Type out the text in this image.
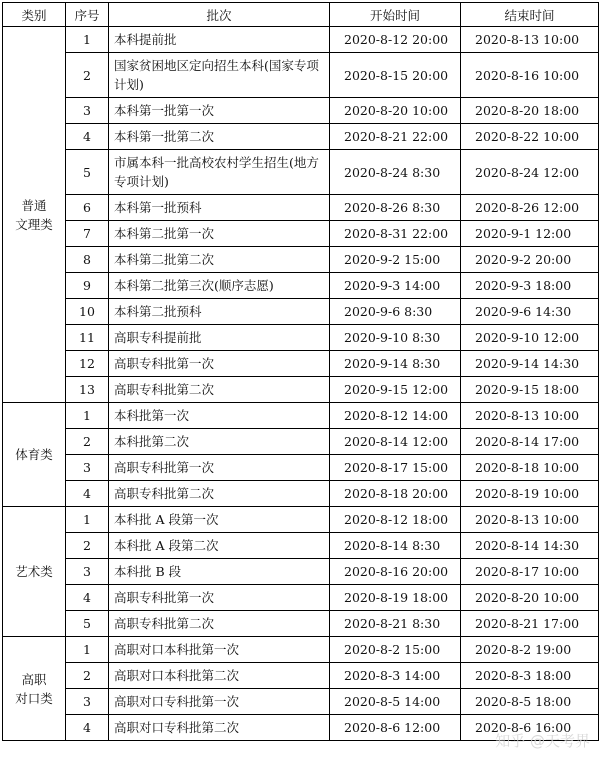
类别	序号	批次	开始时间	结束时间
普通
文理类	1	本科提前批	2020-8-12 20:00	2020-8-13 10:00
	2	国家贫困地区定向招生本科(国家专项计划)	2020-8-15 20:00	2020-8-16 10:00
	3	本科第一批第一次	2020-8-20 10:00	2020-8-20 18:00
	4	本科第一批第二次	2020-8-21 22:00	2020-8-22 10:00
	5	市属本科一批高校农村学生招生(地方专项计划)	2020-8-24 8:30	2020-8-24 12:00
	6	本科第一批预科	2020-8-26 8:30	2020-8-26 12:00
	7	本科第二批第一次	2020-8-31 22:00	2020-9-1 12:00
	8	本科第二批第二次	2020-9-2 15:00	2020-9-2 20:00
	9	本科第二批第三次(顺序志愿)	2020-9-3 14:00	2020-9-3 18:00
	10	本科第二批预科	2020-9-6 8:30	2020-9-6 14:30
	11	高职专科提前批	2020-9-10 8:30	2020-9-10 12:00
	12	高职专科批第一次	2020-9-14 8:30	2020-9-14 14:30
	13	高职专科批第二次	2020-9-15 12:00	2020-9-15 18:00
体育类	1	本科批第一次	2020-8-12 14:00	2020-8-13 10:00
	2	本科批第二次	2020-8-14 12:00	2020-8-14 17:00
	3	高职专科批第一次	2020-8-17 15:00	2020-8-18 10:00
	4	高职专科批第二次	2020-8-18 20:00	2020-8-19 10:00
艺术类	1	本科批 A 段第一次	2020-8-12 18:00	2020-8-13 10:00
	2	本科批 A 段第二次	2020-8-14 8:30	2020-8-14 14:30
	3	本科批 B 段	2020-8-16 20:00	2020-8-17 10:00
	4	高职专科批第一次	2020-8-19 18:00	2020-8-20 10:00
	5	高职专科批第二次	2020-8-21 8:30	2020-8-21 17:00
高职
对口类	1	高职对口本科批第一次	2020-8-2 15:00	2020-8-2 19:00
	2	高职对口本科批第二次	2020-8-3 14:00	2020-8-3 18:00
	3	高职对口专科批第一次	2020-8-5 14:00	2020-8-5 18:00
	4	高职对口专科批第二次	2020-8-6 12:00	2020-8-6 16:00
知乎 @天考界
